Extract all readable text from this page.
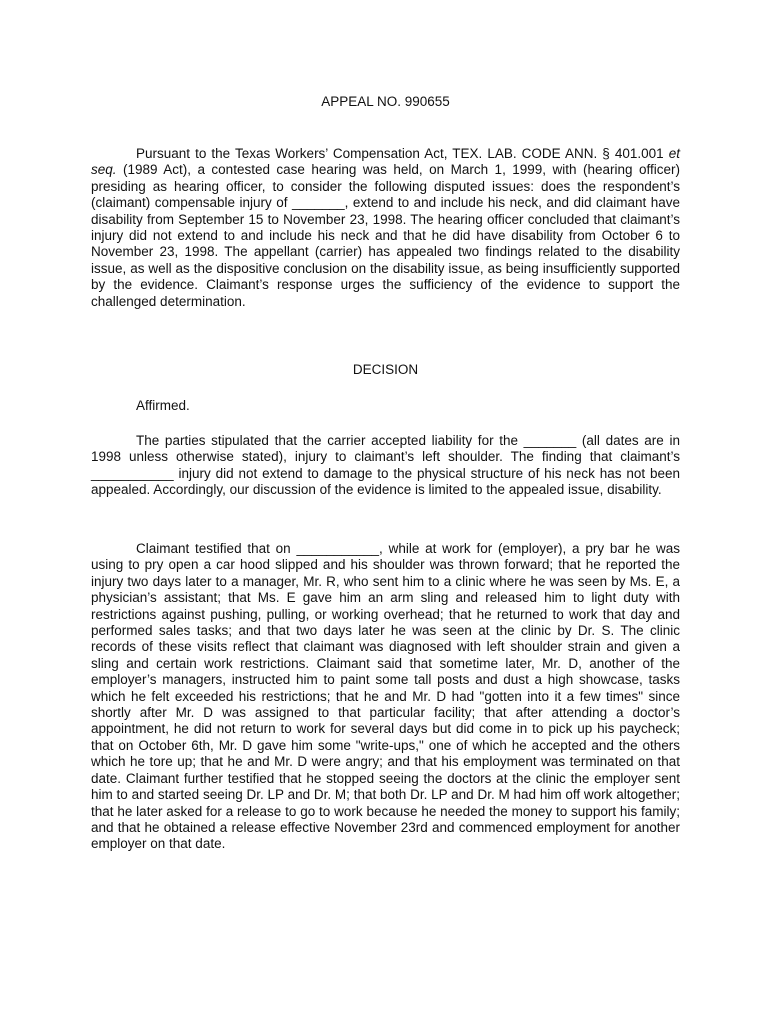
APPEAL NO. 990655

Pursuant to the Texas Workers’ Compensation Act, TEX. LAB. CODE ANN. § 401.001 et seq. (1989 Act), a contested case hearing was held, on March 1, 1999, with (hearing officer) presiding as hearing officer, to consider the following disputed issues: does the respondent’s (claimant) compensable injury of _______, extend to and include his neck, and did claimant have disability from September 15 to November 23, 1998. The hearing officer concluded that claimant’s injury did not extend to and include his neck and that he did have disability from October 6 to November 23, 1998. The appellant (carrier) has appealed two findings related to the disability issue, as well as the dispositive conclusion on the disability issue, as being insufficiently supported by the evidence. Claimant’s response urges the sufficiency of the evidence to support the challenged determination.

DECISION
Affirmed.

The parties stipulated that the carrier accepted liability for the _______ (all dates are in 1998 unless otherwise stated), injury to claimant’s left shoulder. The finding that claimant’s ___________ injury did not extend to damage to the physical structure of his neck has not been appealed. Accordingly, our discussion of the evidence is limited to the appealed issue, disability.

Claimant testified that on ___________, while at work for (employer), a pry bar he was using to pry open a car hood slipped and his shoulder was thrown forward; that he reported the injury two days later to a manager, Mr. R, who sent him to a clinic where he was seen by Ms. E, a physician’s assistant; that Ms. E gave him an arm sling and released him to light duty with restrictions against pushing, pulling, or working overhead; that he returned to work that day and performed sales tasks; and that two days later he was seen at the clinic by Dr. S. The clinic records of these visits reflect that claimant was diagnosed with left shoulder strain and given a sling and certain work restrictions. Claimant said that sometime later, Mr. D, another of the employer’s managers, instructed him to paint some tall posts and dust a high showcase, tasks which he felt exceeded his restrictions; that he and Mr. D had "gotten into it a few times" since shortly after Mr. D was assigned to that particular facility; that after attending a doctor’s appointment, he did not return to work for several days but did come in to pick up his paycheck; that on October 6th, Mr. D gave him some "write-ups," one of which he accepted and the others which he tore up; that he and Mr. D were angry; and that his employment was terminated on that date. Claimant further testified that he stopped seeing the doctors at the clinic the employer sent him to and started seeing Dr. LP and Dr. M; that both Dr. LP and Dr. M had him off work altogether; that he later asked for a release to go to work because he needed the money to support his family; and that he obtained a release effective November 23rd and commenced employment for another employer on that date.
